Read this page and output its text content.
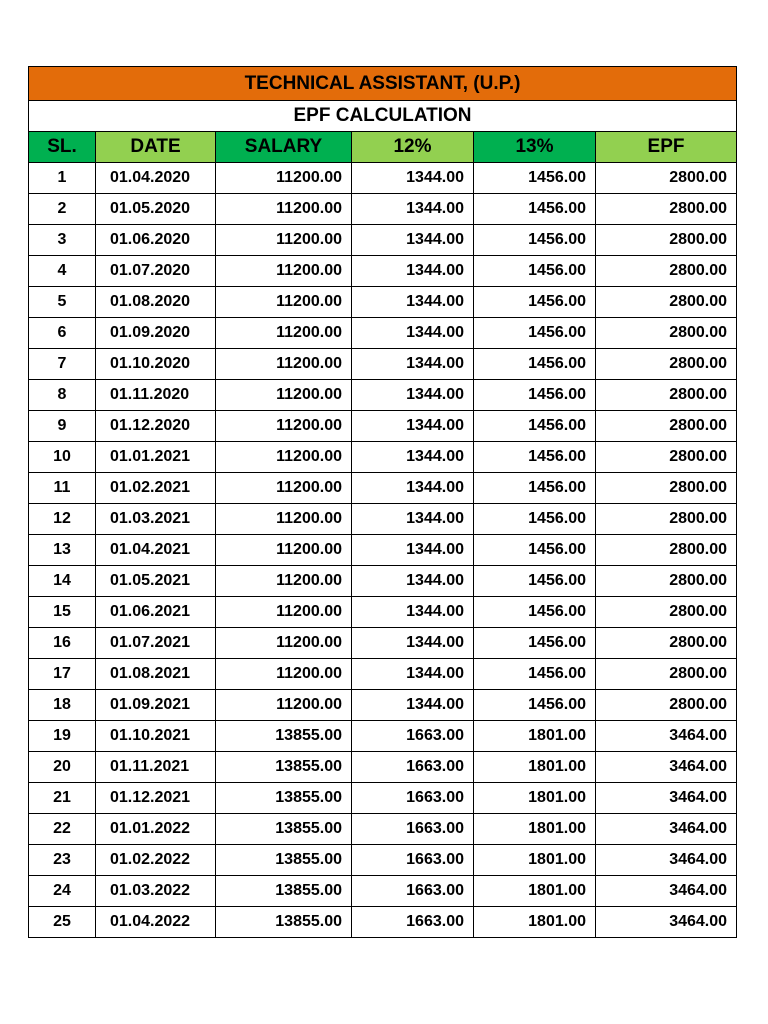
TECHNICAL ASSISTANT, (U.P.)					
EPF CALCULATION					
SL.	DATE	SALARY	12%	13%	EPF
1	01.04.2020	11200.00	1344.00	1456.00	2800.00
2	01.05.2020	11200.00	1344.00	1456.00	2800.00
3	01.06.2020	11200.00	1344.00	1456.00	2800.00
4	01.07.2020	11200.00	1344.00	1456.00	2800.00
5	01.08.2020	11200.00	1344.00	1456.00	2800.00
6	01.09.2020	11200.00	1344.00	1456.00	2800.00
7	01.10.2020	11200.00	1344.00	1456.00	2800.00
8	01.11.2020	11200.00	1344.00	1456.00	2800.00
9	01.12.2020	11200.00	1344.00	1456.00	2800.00
10	01.01.2021	11200.00	1344.00	1456.00	2800.00
11	01.02.2021	11200.00	1344.00	1456.00	2800.00
12	01.03.2021	11200.00	1344.00	1456.00	2800.00
13	01.04.2021	11200.00	1344.00	1456.00	2800.00
14	01.05.2021	11200.00	1344.00	1456.00	2800.00
15	01.06.2021	11200.00	1344.00	1456.00	2800.00
16	01.07.2021	11200.00	1344.00	1456.00	2800.00
17	01.08.2021	11200.00	1344.00	1456.00	2800.00
18	01.09.2021	11200.00	1344.00	1456.00	2800.00
19	01.10.2021	13855.00	1663.00	1801.00	3464.00
20	01.11.2021	13855.00	1663.00	1801.00	3464.00
21	01.12.2021	13855.00	1663.00	1801.00	3464.00
22	01.01.2022	13855.00	1663.00	1801.00	3464.00
23	01.02.2022	13855.00	1663.00	1801.00	3464.00
24	01.03.2022	13855.00	1663.00	1801.00	3464.00
25	01.04.2022	13855.00	1663.00	1801.00	3464.00
